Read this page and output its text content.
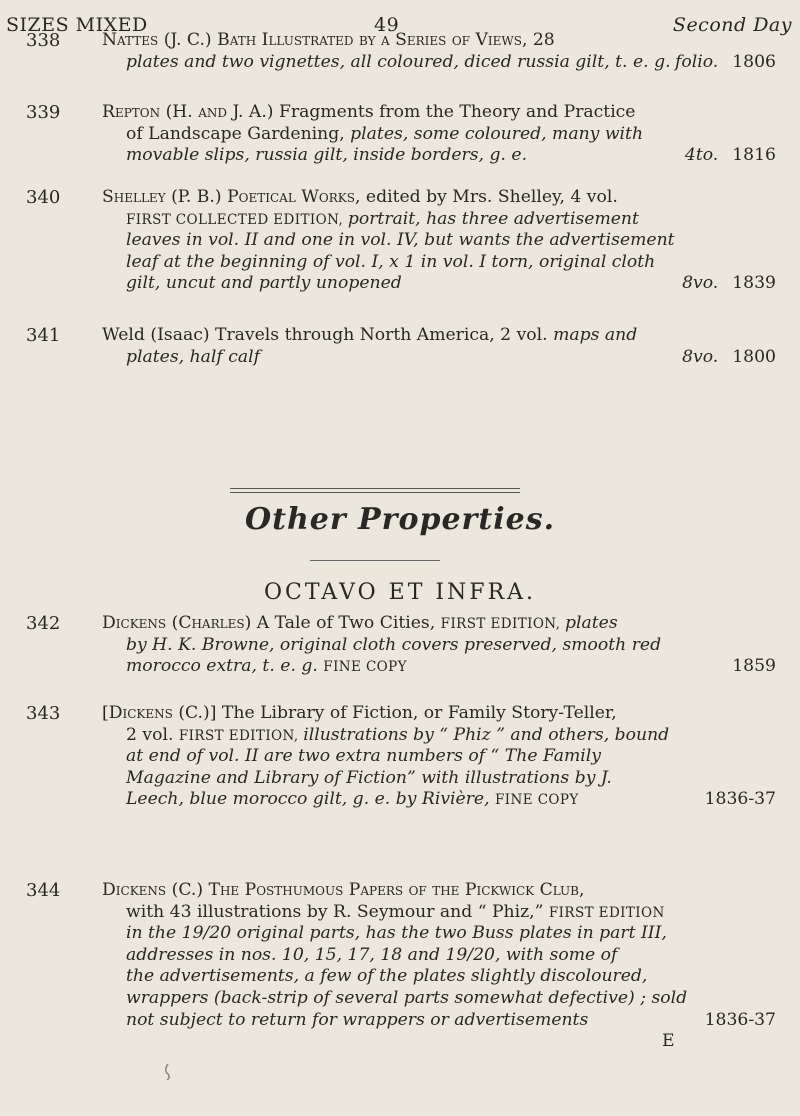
SIZES MIXED	49	Second Day
Other Properties.
OCTAVO ET INFRA.
338	Nattes (J. C.) Bath Illustrated by a Series of Views, 28
plates and two vignettes, all coloured, diced russia gilt, t. e. g. folio. 1806
339	Repton (H. and J. A.) Fragments from the Theory and Practice
of Landscape Gardening, plates, some coloured, many with
movable slips, russia gilt, inside borders, g. e.	4to. 1816
340	Shelley (P. B.) Poetical Works, edited by Mrs. Shelley, 4 vol.
FIRST COLLECTED EDITION, portrait, has three advertisement
leaves in vol. II and one in vol. IV, but wants the advertisement
leaf at the beginning of vol. I, x 1 in vol. I torn, original cloth
gilt, uncut and partly unopened	8vo. 1839
341	Weld (Isaac) Travels through North America, 2 vol. maps and
plates, half calf	8vo. 1800
342	Dickens (Charles) A Tale of Two Cities, FIRST EDITION, plates
by H. K. Browne, original cloth covers preserved, smooth red
morocco extra, t. e. g. FINE COPY	1859
343	[Dickens (C.)] The Library of Fiction, or Family Story-Teller,
2 vol. FIRST EDITION, illustrations by “ Phiz ” and others, bound
at end of vol. II are two extra numbers of “ The Family
Magazine and Library of Fiction” with illustrations by J.
Leech, blue morocco gilt, g. e. by Rivière, FINE COPY	1836-37
344	Dickens (C.) The Posthumous Papers of the Pickwick Club,
with 43 illustrations by R. Seymour and “ Phiz,” FIRST EDITION
in the 19/20 original parts, has the two Buss plates in part III,
addresses in nos. 10, 15, 17, 18 and 19/20, with some of
the advertisements, a few of the plates slightly discoloured,
wrappers (back-strip of several parts somewhat defective) ; sold
not subject to return for wrappers or advertisements	1836-37
E
